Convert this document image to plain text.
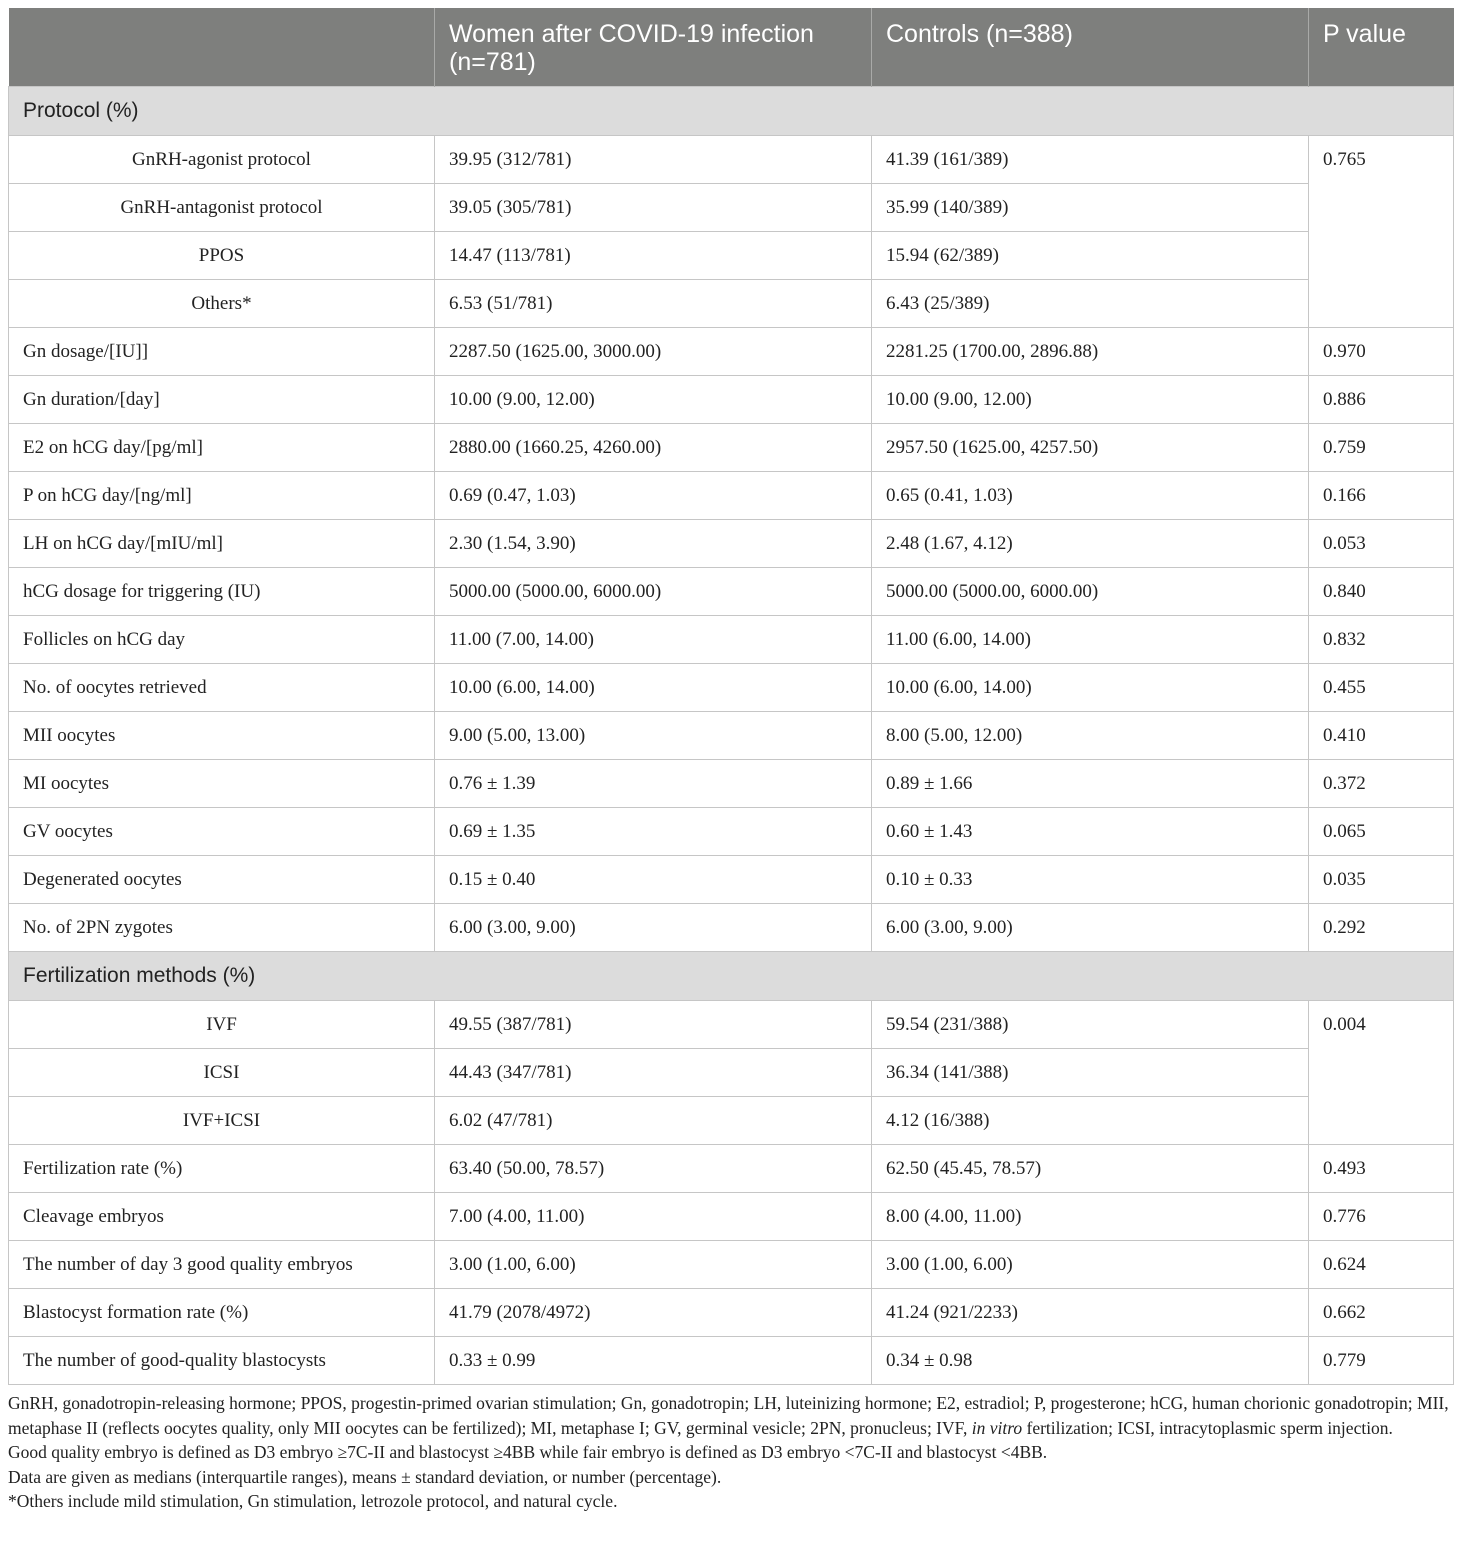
	Women after COVID-19 infection (n=781)	Controls (n=388)	P value
Protocol (%)			
GnRH-agonist protocol	39.95 (312/781)	41.39 (161/389)	0.765
GnRH-antagonist protocol	39.05 (305/781)	35.99 (140/389)	
PPOS	14.47 (113/781)	15.94 (62/389)	
Others*	6.53 (51/781)	6.43 (25/389)	
Gn dosage/[IU]]	2287.50 (1625.00, 3000.00)	2281.25 (1700.00, 2896.88)	0.970
Gn duration/[day]	10.00 (9.00, 12.00)	10.00 (9.00, 12.00)	0.886
E2 on hCG day/[pg/ml]	2880.00 (1660.25, 4260.00)	2957.50 (1625.00, 4257.50)	0.759
P on hCG day/[ng/ml]	0.69 (0.47, 1.03)	0.65 (0.41, 1.03)	0.166
LH on hCG day/[mIU/ml]	2.30 (1.54, 3.90)	2.48 (1.67, 4.12)	0.053
hCG dosage for triggering (IU)	5000.00 (5000.00, 6000.00)	5000.00 (5000.00, 6000.00)	0.840
Follicles on hCG day	11.00 (7.00, 14.00)	11.00 (6.00, 14.00)	0.832
No. of oocytes retrieved	10.00 (6.00, 14.00)	10.00 (6.00, 14.00)	0.455
MII oocytes	9.00 (5.00, 13.00)	8.00 (5.00, 12.00)	0.410
MI oocytes	0.76 ± 1.39	0.89 ± 1.66	0.372
GV oocytes	0.69 ± 1.35	0.60 ± 1.43	0.065
Degenerated oocytes	0.15 ± 0.40	0.10 ± 0.33	0.035
No. of 2PN zygotes	6.00 (3.00, 9.00)	6.00 (3.00, 9.00)	0.292
Fertilization methods (%)			
IVF	49.55 (387/781)	59.54 (231/388)	0.004
ICSI	44.43 (347/781)	36.34 (141/388)	
IVF+ICSI	6.02 (47/781)	4.12 (16/388)	
Fertilization rate (%)	63.40 (50.00, 78.57)	62.50 (45.45, 78.57)	0.493
Cleavage embryos	7.00 (4.00, 11.00)	8.00 (4.00, 11.00)	0.776
The number of day 3 good quality embryos	3.00 (1.00, 6.00)	3.00 (1.00, 6.00)	0.624
Blastocyst formation rate (%)	41.79 (2078/4972)	41.24 (921/2233)	0.662
The number of good-quality blastocysts	0.33 ± 0.99	0.34 ± 0.98	0.779

GnRH, gonadotropin-releasing hormone; PPOS, progestin-primed ovarian stimulation; Gn, gonadotropin; LH, luteinizing hormone; E2, estradiol; P, progesterone; hCG, human chorionic gonadotropin; MII, metaphase II (reflects oocytes quality, only MII oocytes can be fertilized); MI, metaphase I; GV, germinal vesicle; 2PN, pronucleus; IVF, in vitro fertilization; ICSI, intracytoplasmic sperm injection.

Good quality embryo is defined as D3 embryo ≥7C-II and blastocyst ≥4BB while fair embryo is defined as D3 embryo <7C-II and blastocyst <4BB.

Data are given as medians (interquartile ranges), means ± standard deviation, or number (percentage).

*Others include mild stimulation, Gn stimulation, letrozole protocol, and natural cycle.
